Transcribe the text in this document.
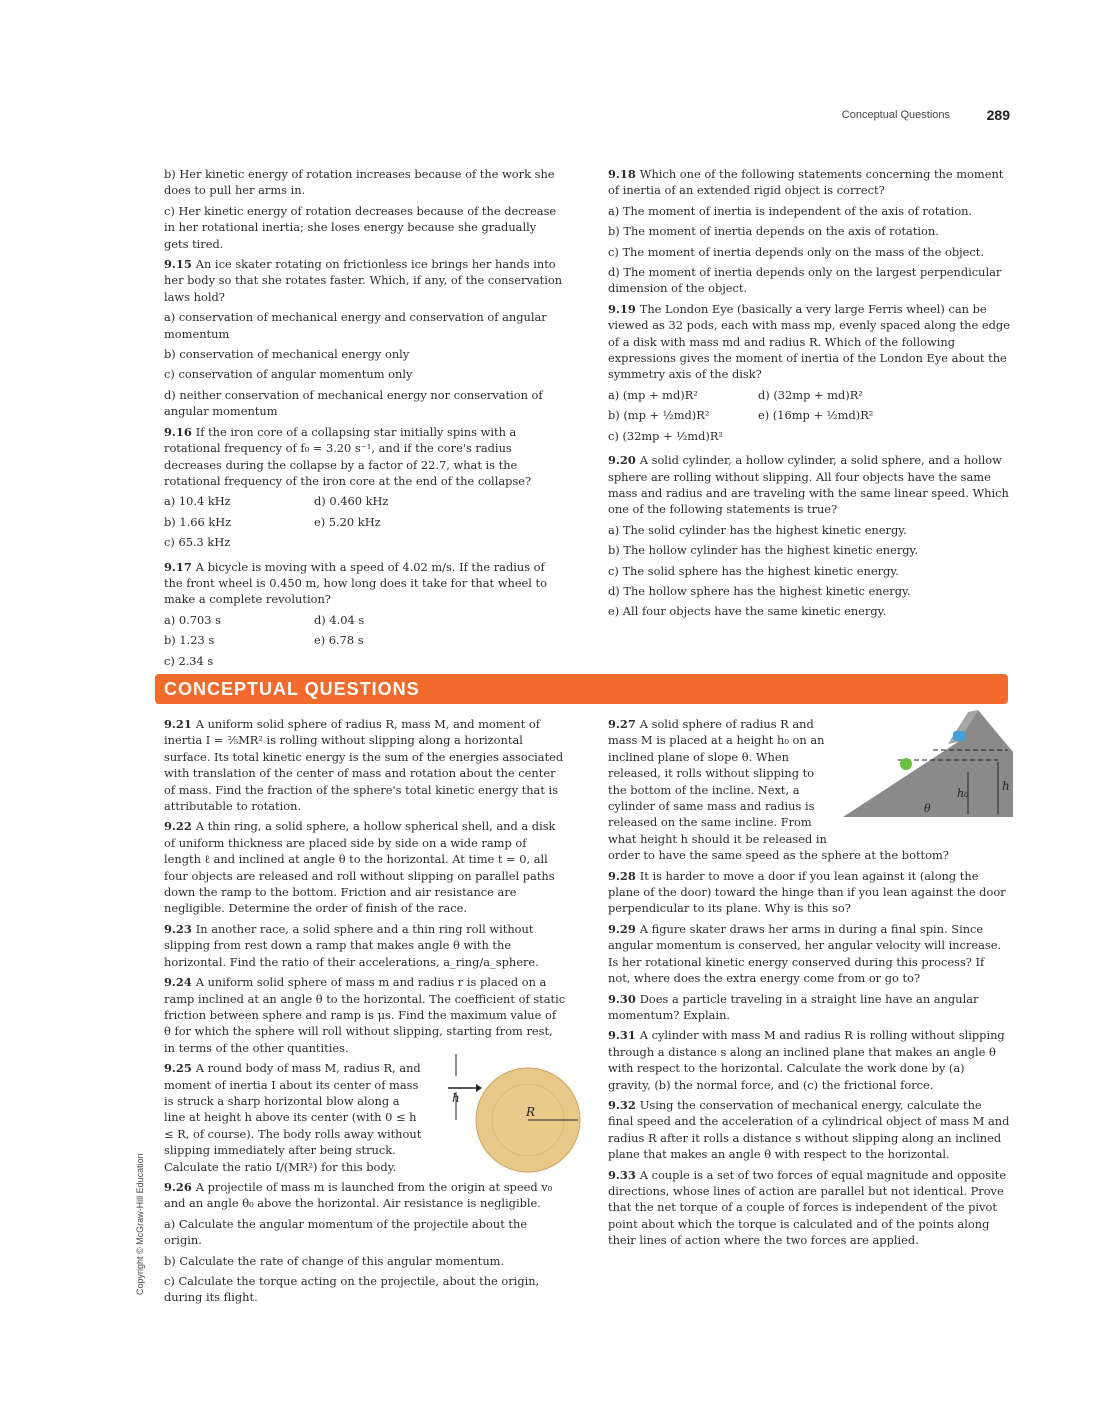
Conceptual Questions	289

b) Her kinetic energy of rotation increases because of the work she does to pull her arms in.

c) Her kinetic energy of rotation decreases because of the decrease in her rotational inertia; she loses energy because she gradually gets tired.

9.15 An ice skater rotating on frictionless ice brings her hands into her body so that she rotates faster. Which, if any, of the conservation laws hold?

a) conservation of mechanical energy and conservation of angular momentum

b) conservation of mechanical energy only

c) conservation of angular momentum only

d) neither conservation of mechanical energy nor conservation of angular momentum

9.16 If the iron core of a collapsing star initially spins with a rotational frequency of f₀ = 3.20 s⁻¹, and if the core's radius decreases during the collapse by a factor of 22.7, what is the rotational frequency of the iron core at the end of the collapse?

a) 10.4 kHz	d) 0.460 kHz
b) 1.66 kHz	e) 5.20 kHz
c) 65.3 kHz

9.17 A bicycle is moving with a speed of 4.02 m/s. If the radius of the front wheel is 0.450 m, how long does it take for that wheel to make a complete revolution?

a) 0.703 s	d) 4.04 s
b) 1.23 s	e) 6.78 s
c) 2.34 s

9.18 Which one of the following statements concerning the moment of inertia of an extended rigid object is correct?

a) The moment of inertia is independent of the axis of rotation.

b) The moment of inertia depends on the axis of rotation.

c) The moment of inertia depends only on the mass of the object.

d) The moment of inertia depends only on the largest perpendicular dimension of the object.

9.19 The London Eye (basically a very large Ferris wheel) can be viewed as 32 pods, each with mass mp, evenly spaced along the edge of a disk with mass md and radius R. Which of the following expressions gives the moment of inertia of the London Eye about the symmetry axis of the disk?

a) (mp + md)R²	d) (32mp + md)R²
b) (mp + ½md)R²	e) (16mp + ½md)R²
c) (32mp + ½md)R²

9.20 A solid cylinder, a hollow cylinder, a solid sphere, and a hollow sphere are rolling without slipping. All four objects have the same mass and radius and are traveling with the same linear speed. Which one of the following statements is true?

a) The solid cylinder has the highest kinetic energy.

b) The hollow cylinder has the highest kinetic energy.

c) The solid sphere has the highest kinetic energy.

d) The hollow sphere has the highest kinetic energy.

e) All four objects have the same kinetic energy.

CONCEPTUAL QUESTIONS

9.21 A uniform solid sphere of radius R, mass M, and moment of inertia I = ⅖MR² is rolling without slipping along a horizontal surface. Its total kinetic energy is the sum of the energies associated with translation of the center of mass and rotation about the center of mass. Find the fraction of the sphere's total kinetic energy that is attributable to rotation.

9.22 A thin ring, a solid sphere, a hollow spherical shell, and a disk of uniform thickness are placed side by side on a wide ramp of length ℓ and inclined at angle θ to the horizontal. At time t = 0, all four objects are released and roll without slipping on parallel paths down the ramp to the bottom. Friction and air resistance are negligible. Determine the order of finish of the race.

9.23 In another race, a solid sphere and a thin ring roll without slipping from rest down a ramp that makes angle θ with the horizontal. Find the ratio of their accelerations, a_ring/a_sphere.

9.24 A uniform solid sphere of mass m and radius r is placed on a ramp inclined at an angle θ to the horizontal. The coefficient of static friction between sphere and ramp is μs. Find the maximum value of θ for which the sphere will roll without slipping, starting from rest, in terms of the other quantities.

9.25 A round body of mass M, radius R, and moment of inertia I about its center of mass is struck a sharp horizontal blow along a line at height h above its center (with 0 ≤ h ≤ R, of course). The body rolls away without slipping immediately after being struck. Calculate the ratio I/(MR²) for this body.

9.26 A projectile of mass m is launched from the origin at speed v₀ and an angle θ₀ above the horizontal. Air resistance is negligible.

a) Calculate the angular momentum of the projectile about the origin.

b) Calculate the rate of change of this angular momentum.

c) Calculate the torque acting on the projectile, about the origin, during its flight.

9.27 A solid sphere of radius R and mass M is placed at a height h₀ on an inclined plane of slope θ. When released, it rolls without slipping to the bottom of the incline. Next, a cylinder of same mass and radius is released on the same incline. From what height h should it be released in order to have the same speed as the sphere at the bottom?

9.28 It is harder to move a door if you lean against it (along the plane of the door) toward the hinge than if you lean against the door perpendicular to its plane. Why is this so?

9.29 A figure skater draws her arms in during a final spin. Since angular momentum is conserved, her angular velocity will increase. Is her rotational kinetic energy conserved during this process? If not, where does the extra energy come from or go to?

9.30 Does a particle traveling in a straight line have an angular momentum? Explain.

9.31 A cylinder with mass M and radius R is rolling without slipping through a distance s along an inclined plane that makes an angle θ with respect to the horizontal. Calculate the work done by (a) gravity, (b) the normal force, and (c) the frictional force.

9.32 Using the conservation of mechanical energy, calculate the final speed and the acceleration of a cylindrical object of mass M and radius R after it rolls a distance s without slipping along an inclined plane that makes an angle θ with respect to the horizontal.

9.33 A couple is a set of two forces of equal magnitude and opposite directions, whose lines of action are parallel but not identical. Prove that the net torque of a couple of forces is independent of the pivot point about which the torque is calculated and of the points along their lines of action where the two forces are applied.

h
h₀
θ
h
R
Copyright © McGraw-Hill Education
